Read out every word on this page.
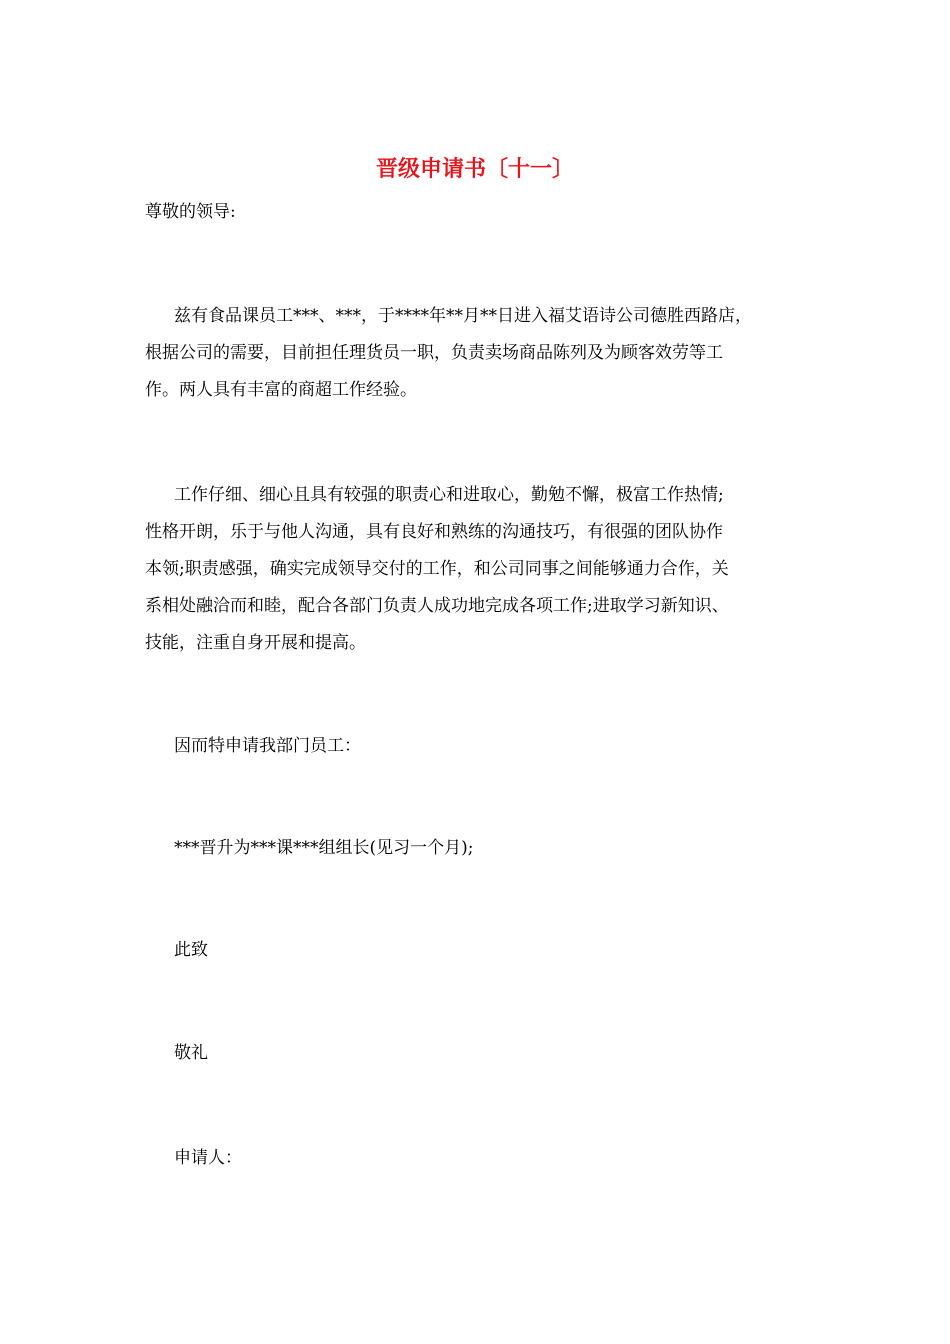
晋级申请书〔十一〕
尊敬的领导:
兹有食品课员工***、***，于****年**月**日进入福艾语诗公司德胜西路店，
根据公司的需要，目前担任理货员一职，负责卖场商品陈列及为顾客效劳等工
作。两人具有丰富的商超工作经验。
工作仔细、细心且具有较强的职责心和进取心，勤勉不懈，极富工作热情;
性格开朗，乐于与他人沟通，具有良好和熟练的沟通技巧，有很强的团队协作
本领;职责感强，确实完成领导交付的工作，和公司同事之间能够通力合作，关
系相处融洽而和睦，配合各部门负责人成功地完成各项工作;进取学习新知识、
技能，注重自身开展和提高。
因而特申请我部门员工：
***晋升为***课***组组长(见习一个月);
此致
敬礼
申请人：
